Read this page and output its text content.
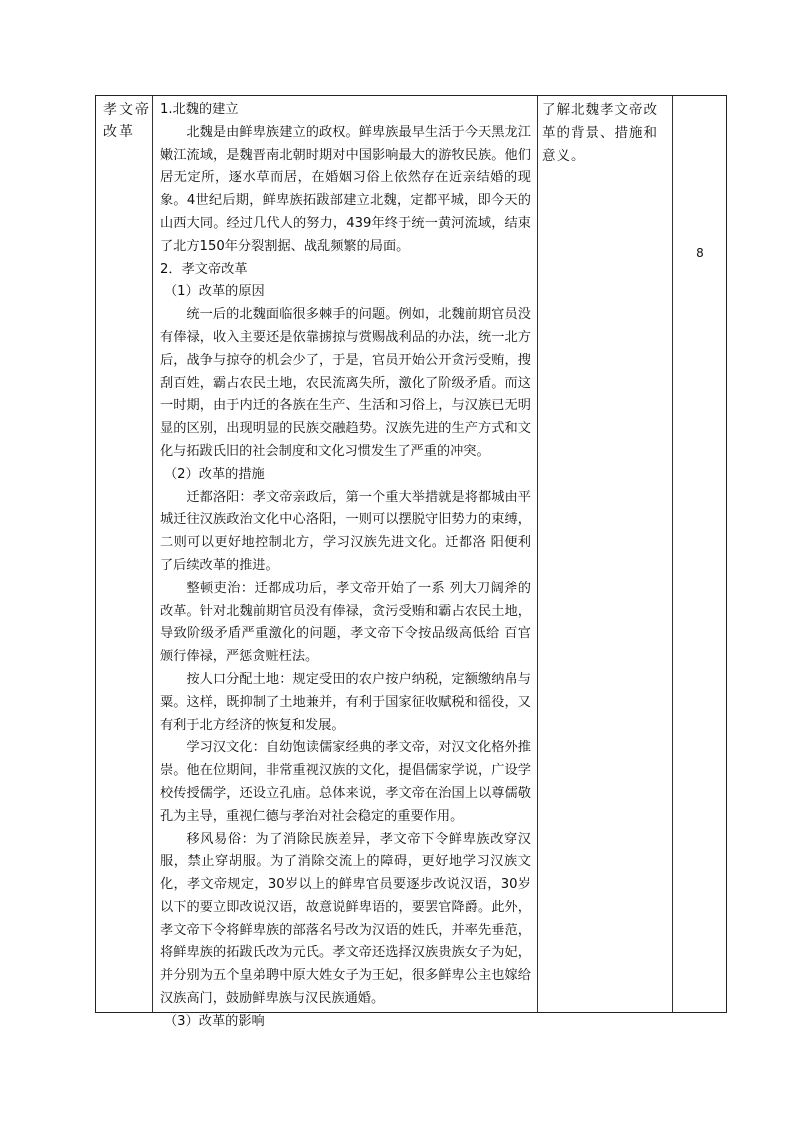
孝文帝改革

1.北魏的建立

北魏是由鲜卑族建立的政权。鲜卑族最早生活于今天黑龙江嫩江流域，是魏晋南北朝时期对中国影响最大的游牧民族。他们居无定所，逐水草而居，在婚姻习俗上依然存在近亲结婚的现象。4世纪后期，鲜卑族拓跋部建立北魏，定都平城，即今天的山西大同。经过几代人的努力，439年终于统一黄河流域，结束了北方150年分裂割据、战乱频繁的局面。

2．孝文帝改革

（1）改革的原因

统一后的北魏面临很多棘手的问题。例如，北魏前期官员没有俸禄，收入主要还是依靠掳掠与赏赐战利品的办法，统一北方后，战争与掠夺的机会少了，于是，官员开始公开贪污受贿，搜刮百姓，霸占农民土地，农民流离失所，激化了阶级矛盾。而这一时期，由于内迁的各族在生产、生活和习俗上，与汉族已无明显的区别，出现明显的民族交融趋势。汉族先进的生产方式和文化与拓跋氏旧的社会制度和文化习惯发生了严重的冲突。

（2）改革的措施

迁都洛阳：孝文帝亲政后，第一个重大举措就是将都城由平城迁往汉族政治文化中心洛阳，一则可以摆脱守旧势力的束缚，二则可以更好地控制北方，学习汉族先进文化。迁都洛 阳便利了后续改革的推进。

整顿吏治：迁都成功后，孝文帝开始了一系 列大刀阔斧的改革。针对北魏前期官员没有俸禄，贪污受贿和霸占农民土地，导致阶级矛盾严重激化的问题，孝文帝下令按品级高低给 百官颁行俸禄，严惩贪赃枉法。

按人口分配土地：规定受田的农户按户纳税，定额缴纳帛与粟。这样，既抑制了土地兼并，有利于国家征收赋税和徭役，又有利于北方经济的恢复和发展。

学习汉文化：自幼饱读儒家经典的孝文帝，对汉文化格外推崇。他在位期间，非常重视汉族的文化，提倡儒家学说，广设学校传授儒学，还设立孔庙。总体来说，孝文帝在治国上以尊儒敬孔为主导，重视仁德与孝治对社会稳定的重要作用。

移风易俗：为了消除民族差异，孝文帝下令鲜卑族改穿汉服，禁止穿胡服。为了消除交流上的障碍，更好地学习汉族文化，孝文帝规定，30岁以上的鲜卑官员要逐步改说汉语，30岁以下的要立即改说汉语，故意说鲜卑语的，要罢官降爵。此外，孝文帝下令将鲜卑族的部落名号改为汉语的姓氏，并率先垂范，将鲜卑族的拓跋氏改为元氏。孝文帝还选择汉族贵族女子为妃，并分别为五个皇弟聘中原大姓女子为王妃，很多鲜卑公主也嫁给汉族高门，鼓励鲜卑族与汉民族通婚。

（3）改革的影响

了解北魏孝文帝改革的背景、措施和意义。
8
